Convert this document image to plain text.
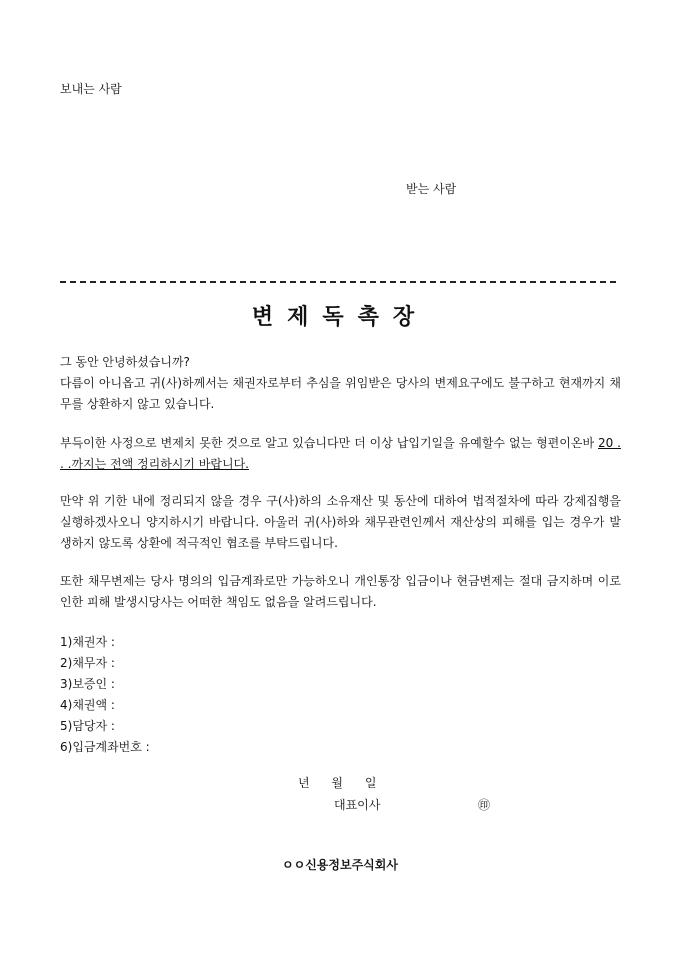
보내는 사람
받는 사람
변제독촉장
그 동안 안녕하셨습니까?
다름이 아니옵고 귀(사)하께서는 채권자로부터 추심을 위임받은 당사의 변제요구에도 불구하고 현재까지 채무를 상환하지 않고 있습니다.
부득이한 사정으로 변제치 못한 것으로 알고 있습니다만 더 이상 납입기일을 유예할수 없는 형편이온바 20 . . .까지는 전액 정리하시기 바랍니다.
만약 위 기한 내에 정리되지 않을 경우 구(사)하의 소유재산 및 동산에 대하여 법적절차에 따라 강제집행을 실행하겠사오니 양지하시기 바랍니다. 아울러 귀(사)하와 채무관련인께서 재산상의 피해를 입는 경우가 발생하지 않도록 상환에 적극적인 협조를 부탁드립니다.
또한 채무변제는 당사 명의의 입금계좌로만 가능하오니 개인통장 입금이나 현금변제는 절대 금지하며 이로인한 피해 발생시당사는 어떠한 책임도 없음을 알려드립니다.
1)채권자 :
2)채무자 :
3)보증인 :
4)채권액 :
5)담당자 :
6)입금계좌번호 :
년 월 일
대표이사	㊞
ㅇㅇ신용정보주식회사
